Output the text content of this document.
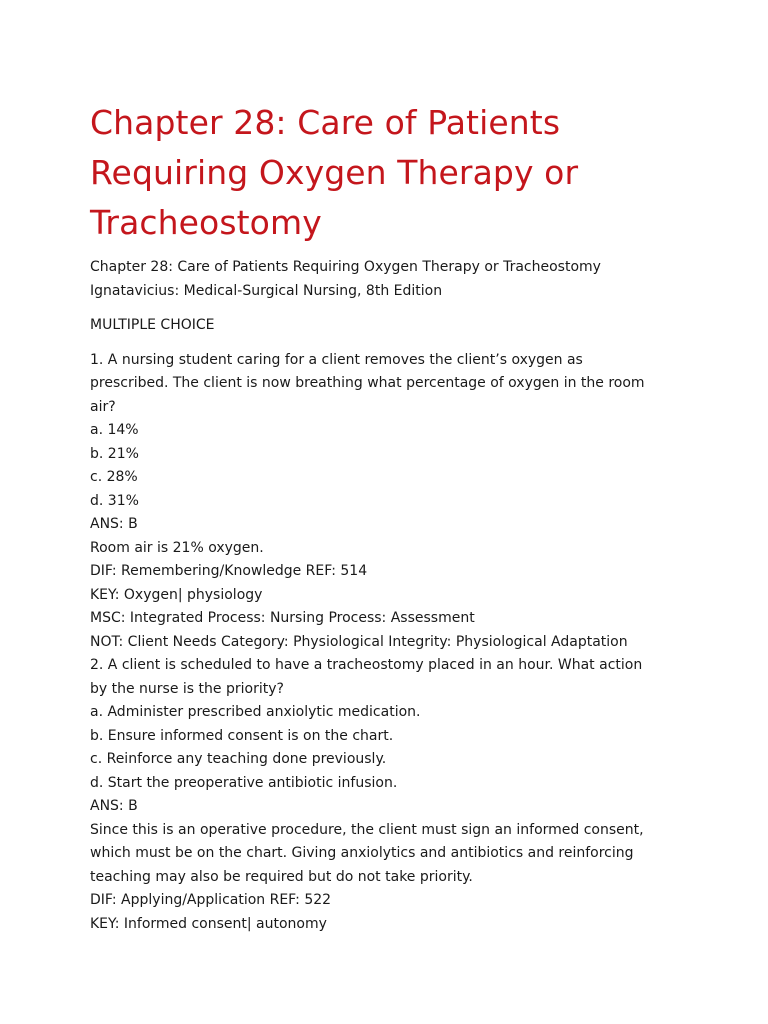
Chapter 28: Care of Patients
Requiring Oxygen Therapy or
Tracheostomy
Chapter 28: Care of Patients Requiring Oxygen Therapy or Tracheostomy
Ignatavicius: Medical-Surgical Nursing, 8th Edition
MULTIPLE CHOICE
1. A nursing student caring for a client removes the client’s oxygen as
prescribed. The client is now breathing what percentage of oxygen in the room
air?
a. 14%
b. 21%
c. 28%
d. 31%
ANS: B
Room air is 21% oxygen.
DIF: Remembering/Knowledge REF: 514
KEY: Oxygen| physiology
MSC: Integrated Process: Nursing Process: Assessment
NOT: Client Needs Category: Physiological Integrity: Physiological Adaptation
2. A client is scheduled to have a tracheostomy placed in an hour. What action
by the nurse is the priority?
a. Administer prescribed anxiolytic medication.
b. Ensure informed consent is on the chart.
c. Reinforce any teaching done previously.
d. Start the preoperative antibiotic infusion.
ANS: B
Since this is an operative procedure, the client must sign an informed consent,
which must be on the chart. Giving anxiolytics and antibiotics and reinforcing
teaching may also be required but do not take priority.
DIF: Applying/Application REF: 522
KEY: Informed consent| autonomy
